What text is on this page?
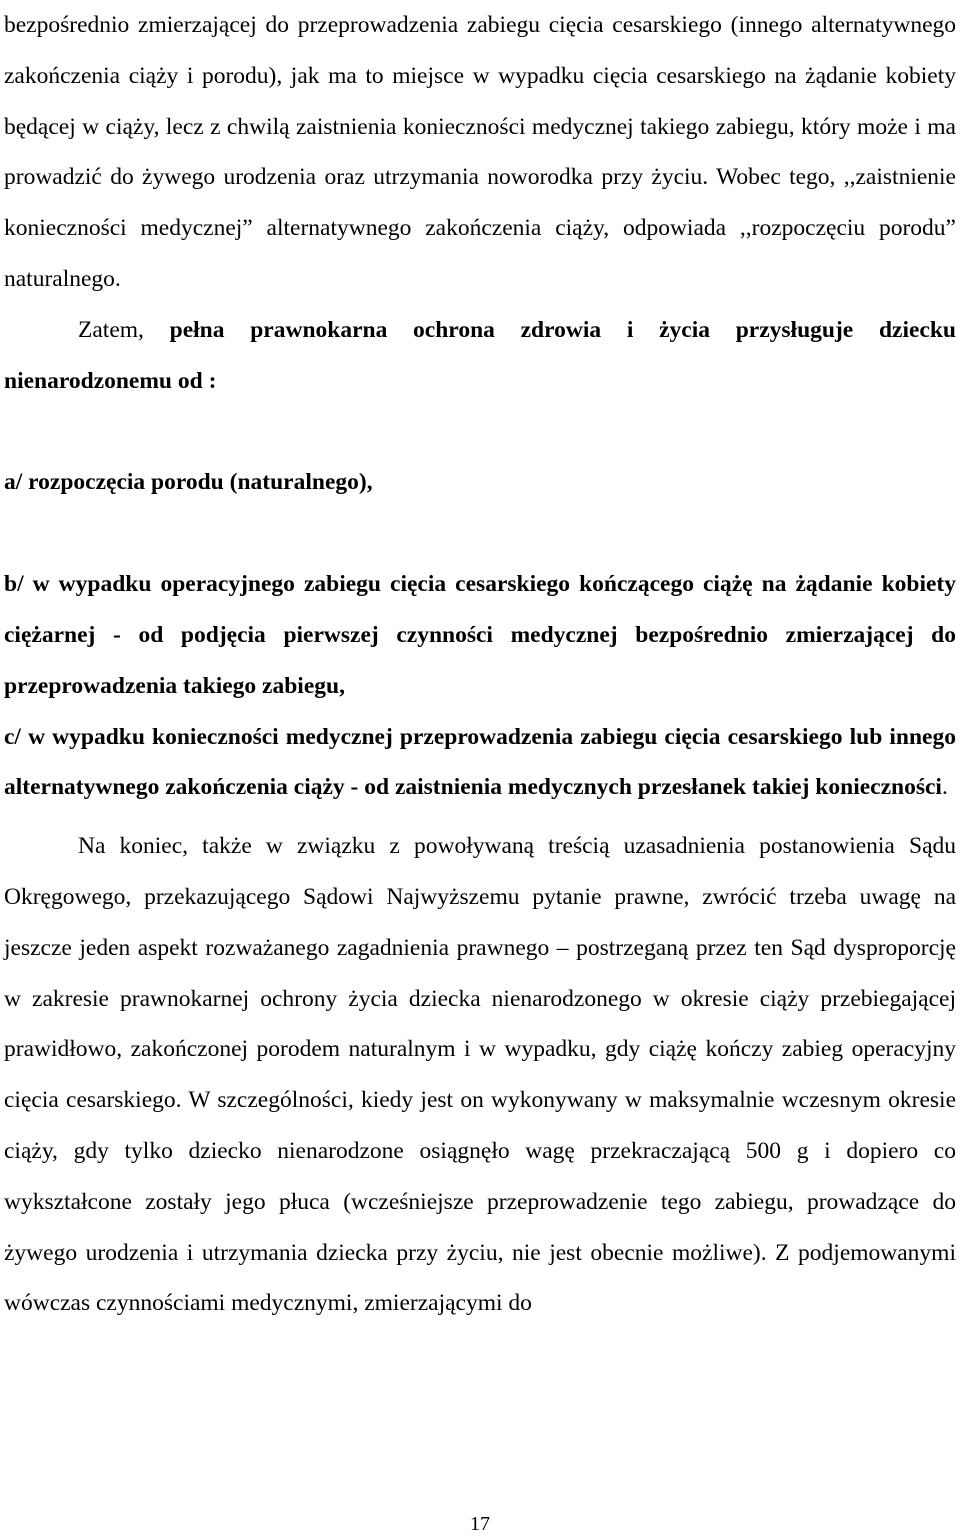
bezpośrednio zmierzającej do przeprowadzenia zabiegu cięcia cesarskiego (innego alternatywnego zakończenia ciąży i porodu), jak ma to miejsce w wypadku cięcia cesarskiego na żądanie kobiety będącej w ciąży, lecz z chwilą zaistnienia konieczności medycznej takiego zabiegu, który może i ma prowadzić do żywego urodzenia oraz utrzymania noworodka przy życiu. Wobec tego, ,,zaistnienie konieczności medycznej” alternatywnego zakończenia ciąży, odpowiada ,,rozpoczęciu porodu” naturalnego.

Zatem, pełna prawnokarna ochrona zdrowia i życia przysługuje dziecku nienarodzonemu od :

a/ rozpoczęcia porodu (naturalnego),

b/ w wypadku operacyjnego zabiegu cięcia cesarskiego kończącego ciążę na żądanie kobiety ciężarnej - od podjęcia pierwszej czynności medycznej bezpośrednio zmierzającej do przeprowadzenia takiego zabiegu,

c/ w wypadku konieczności medycznej przeprowadzenia zabiegu cięcia cesarskiego lub innego alternatywnego zakończenia ciąży - od zaistnienia medycznych przesłanek takiej konieczności.

Na koniec, także w związku z powoływaną treścią uzasadnienia postanowienia Sądu Okręgowego, przekazującego Sądowi Najwyższemu pytanie prawne, zwrócić trzeba uwagę na jeszcze jeden aspekt rozważanego zagadnienia prawnego – postrzeganą przez ten Sąd dysproporcję w zakresie prawnokarnej ochrony życia dziecka nienarodzonego w okresie ciąży przebiegającej prawidłowo, zakończonej porodem naturalnym i w wypadku, gdy ciążę kończy zabieg operacyjny cięcia cesarskiego. W szczególności, kiedy jest on wykonywany w maksymalnie wczesnym okresie ciąży, gdy tylko dziecko nienarodzone osiągnęło wagę przekraczającą 500 g i dopiero co wykształcone zostały jego płuca (wcześniejsze przeprowadzenie tego zabiegu, prowadzące do żywego urodzenia i utrzymania dziecka przy życiu, nie jest obecnie możliwe). Z podjemowanymi wówczas czynnościami medycznymi, zmierzającymi do

17
